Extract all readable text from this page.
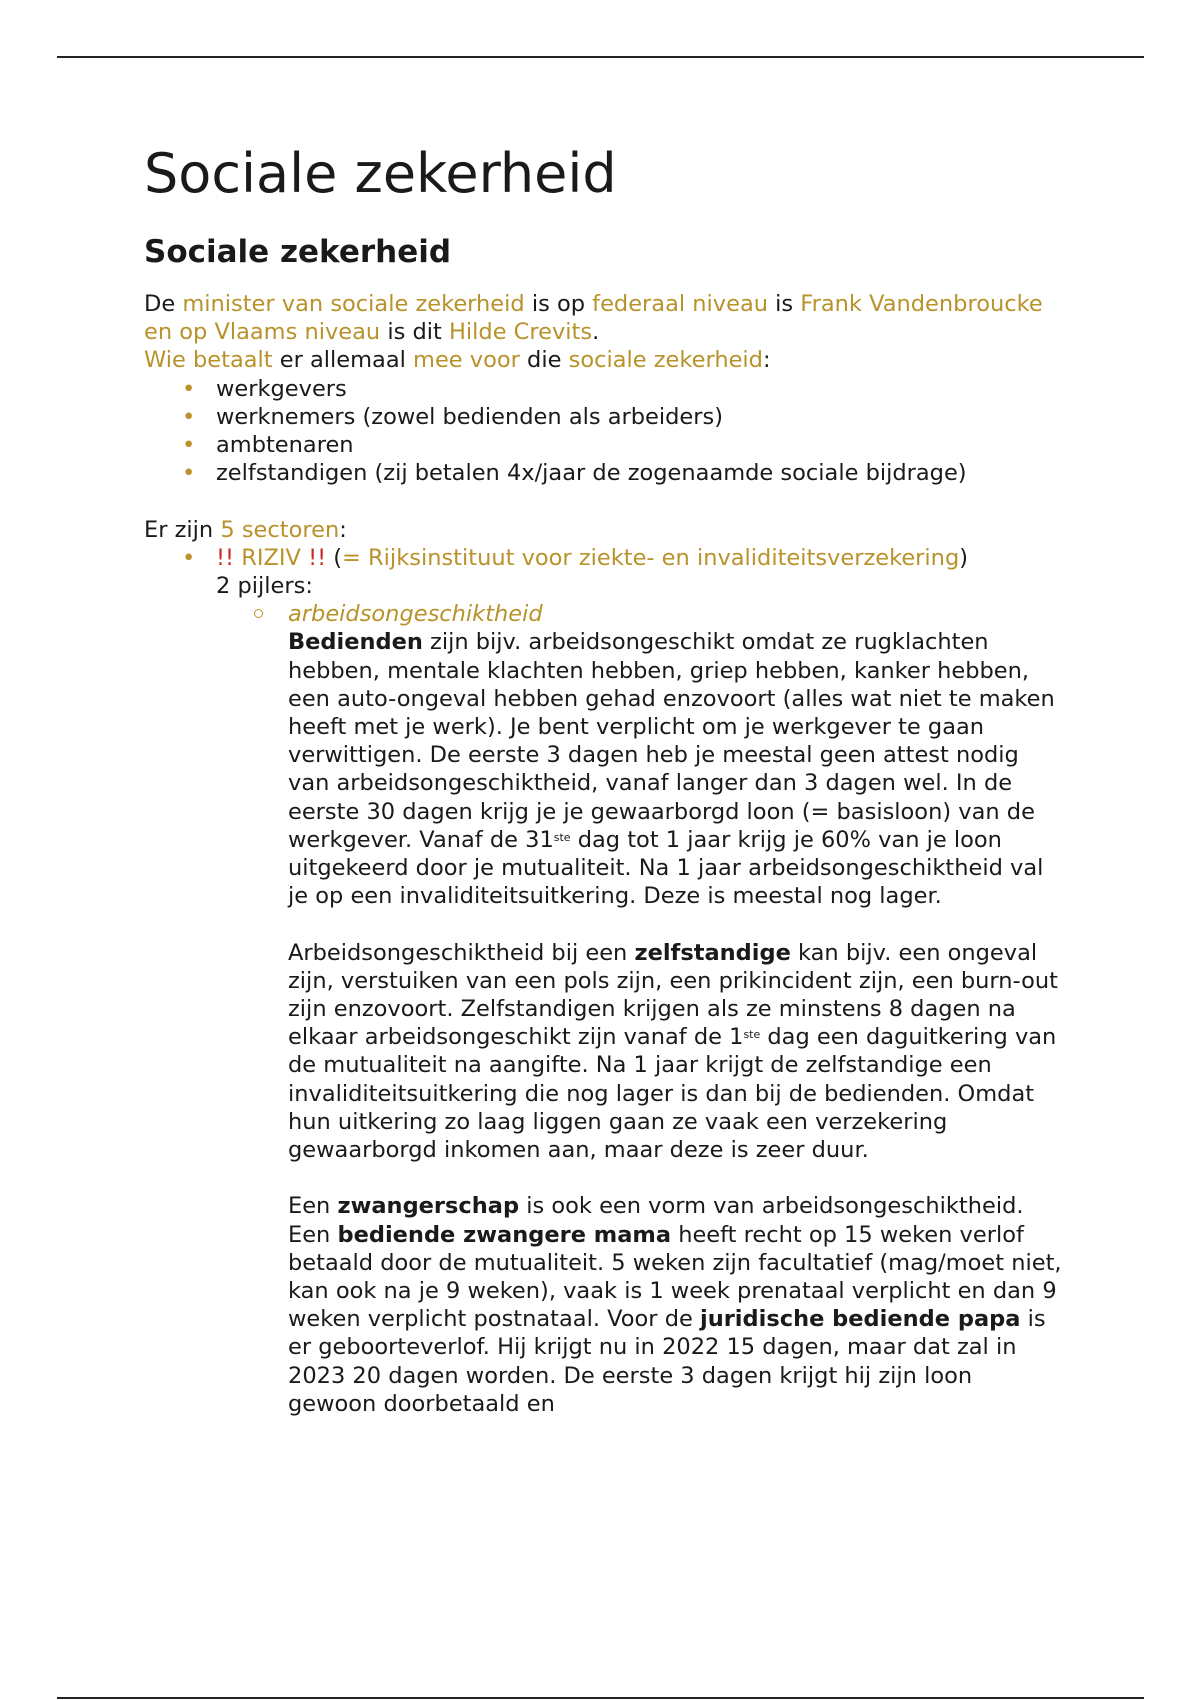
Sociale zekerheid
Sociale zekerheid

De minister van sociale zekerheid is op federaal niveau is Frank Vandenbroucke en op Vlaams niveau is dit Hilde Crevits.
Wie betaalt er allemaal mee voor die sociale zekerheid:

• werkgevers
• werknemers (zowel bedienden als arbeiders)
• ambtenaren
• zelfstandigen (zij betalen 4x/jaar de zogenaamde sociale bijdrage)

Er zijn 5 sectoren:

• !! RIZIV !! (= Rijksinstituut voor ziekte- en invaliditeitsverzekering)
2 pijlers:
arbeidsongeschiktheid

Bedienden zijn bijv. arbeidsongeschikt omdat ze rugklachten hebben, mentale klachten hebben, griep hebben, kanker hebben, een auto-ongeval hebben gehad enzovoort (alles wat niet te maken heeft met je werk). Je bent verplicht om je werkgever te gaan verwittigen. De eerste 3 dagen heb je meestal geen attest nodig van arbeidsongeschiktheid, vanaf langer dan 3 dagen wel. In de eerste 30 dagen krijg je je gewaarborgd loon (= basisloon) van de werkgever. Vanaf de 31ste dag tot 1 jaar krijg je 60% van je loon uitgekeerd door je mutualiteit. Na 1 jaar arbeidsongeschiktheid val je op een invaliditeitsuitkering. Deze is meestal nog lager.

Arbeidsongeschiktheid bij een zelfstandige kan bijv. een ongeval zijn, verstuiken van een pols zijn, een prikincident zijn, een burn-out zijn enzovoort. Zelfstandigen krijgen als ze minstens 8 dagen na elkaar arbeidsongeschikt zijn vanaf de 1ste dag een daguitkering van de mutualiteit na aangifte. Na 1 jaar krijgt de zelfstandige een invaliditeitsuitkering die nog lager is dan bij de bedienden. Omdat hun uitkering zo laag liggen gaan ze vaak een verzekering gewaarborgd inkomen aan, maar deze is zeer duur.

Een zwangerschap is ook een vorm van arbeidsongeschiktheid.

Een bediende zwangere mama heeft recht op 15 weken verlof betaald door de mutualiteit. 5 weken zijn facultatief (mag/moet niet, kan ook na je 9 weken), vaak is 1 week prenataal verplicht en dan 9 weken verplicht postnataal. Voor de juridische bediende papa is er geboorteverlof. Hij krijgt nu in 2022 15 dagen, maar dat zal in 2023 20 dagen worden. De eerste 3 dagen krijgt hij zijn loon gewoon doorbetaald en
